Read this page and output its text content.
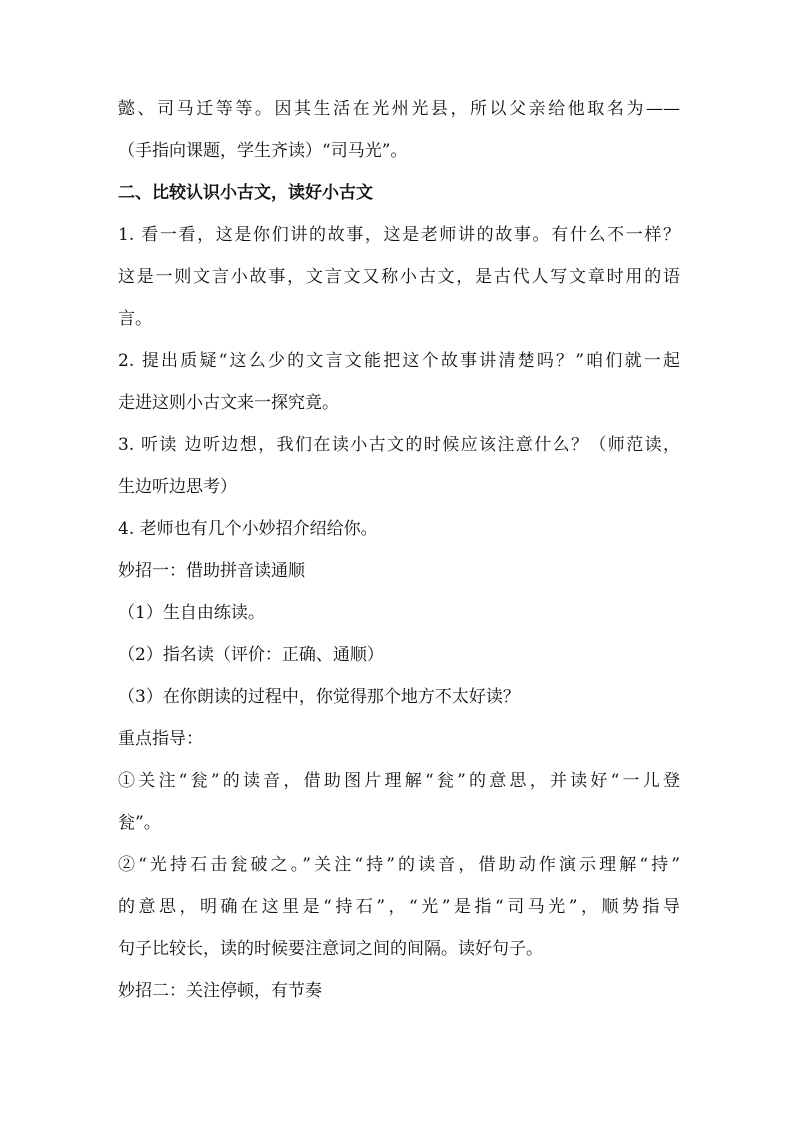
懿、司马迁等等。因其生活在光州光县，所以父亲给他取名为——
（手指向课题，学生齐读）“司马光”。
二、比较认识小古文，读好小古文
1. 看一看，这是你们讲的故事，这是老师讲的故事。有什么不一样？
这是一则文言小故事，文言文又称小古文，是古代人写文章时用的语
言。
2. 提出质疑“这么少的文言文能把这个故事讲清楚吗？”咱们就一起
走进这则小古文来一探究竟。
3. 听读 边听边想，我们在读小古文的时候应该注意什么？（师范读，
生边听边思考）
4. 老师也有几个小妙招介绍给你。
妙招一：借助拼音读通顺
（1）生自由练读。
（2）指名读（评价：正确、通顺）
（3）在你朗读的过程中，你觉得那个地方不太好读？
重点指导：
①关注“瓮”的读音，借助图片理解“瓮”的意思，并读好“一儿登
瓮”。
②“光持石击瓮破之。”关注“持”的读音，借助动作演示理解“持”
的意思，明确在这里是“持石”，“光”是指“司马光”，顺势指导
句子比较长，读的时候要注意词之间的间隔。读好句子。
妙招二：关注停顿，有节奏
